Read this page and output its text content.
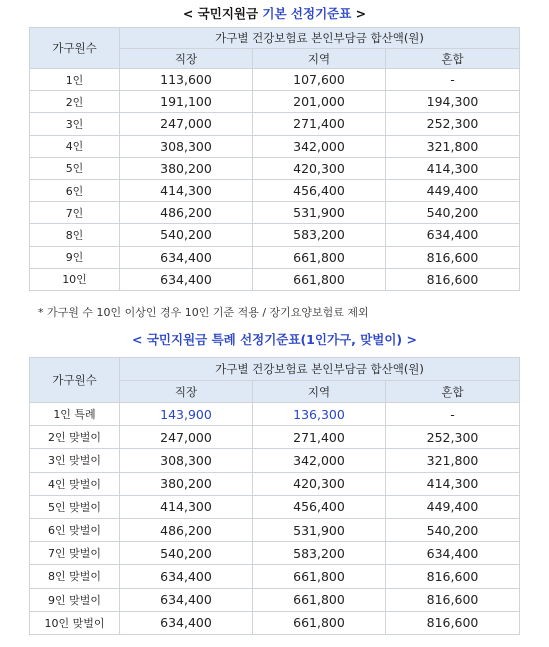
< 국민지원금 기본 선정기준표 >
가구원수	가구별 건강보험료 본인부담금 합산액(원)		
	직장	지역	혼합
1인	113,600	107,600	-
2인	191,100	201,000	194,300
3인	247,000	271,400	252,300
4인	308,300	342,000	321,800
5인	380,200	420,300	414,300
6인	414,300	456,400	449,400
7인	486,200	531,900	540,200
8인	540,200	583,200	634,400
9인	634,400	661,800	816,600
10인	634,400	661,800	816,600
* 가구원 수 10인 이상인 경우 10인 기준 적용 / 장기요양보험료 제외
< 국민지원금 특례 선정기준표(1인가구, 맞벌이) >
가구원수	가구별 건강보험료 본인부담금 합산액(원)		
	직장	지역	혼합
1인 특례	143,900	136,300	-
2인 맞벌이	247,000	271,400	252,300
3인 맞벌이	308,300	342,000	321,800
4인 맞벌이	380,200	420,300	414,300
5인 맞벌이	414,300	456,400	449,400
6인 맞벌이	486,200	531,900	540,200
7인 맞벌이	540,200	583,200	634,400
8인 맞벌이	634,400	661,800	816,600
9인 맞벌이	634,400	661,800	816,600
10인 맞벌이	634,400	661,800	816,600
